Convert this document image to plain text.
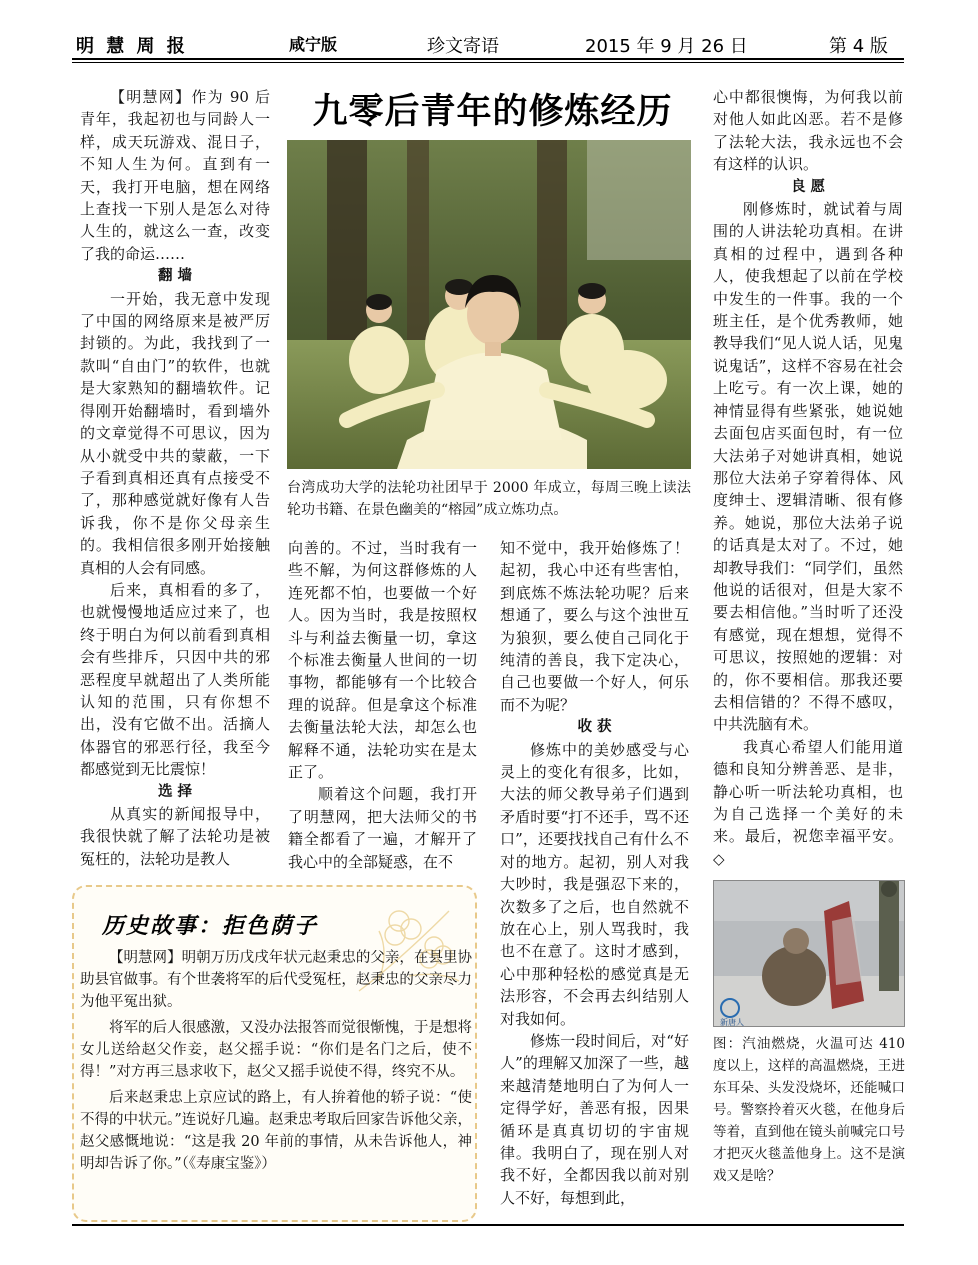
明 慧 周 报	咸宁版	珍文寄语	2015 年 9 月 26 日	第 4 版
九零后青年的修炼经历
台湾成功大学的法轮功社团早于 2000 年成立，每周三晚上读法轮功书籍、在景色幽美的“榕园”成立炼功点。

【明慧网】作为 90 后青年，我起初也与同龄人一样，成天玩游戏、混日子，不知人生为何。直到有一天，我打开电脑，想在网络上查找一下别人是怎么对待人生的，就这么一查，改变了我的命运……

翻 墙

一开始，我无意中发现了中国的网络原来是被严厉封锁的。为此，我找到了一款叫“自由门”的软件，也就是大家熟知的翻墙软件。记得刚开始翻墙时，看到墙外的文章觉得不可思议，因为从小就受中共的蒙蔽，一下子看到真相还真有点接受不了，那种感觉就好像有人告诉我，你不是你父母亲生的。我相信很多刚开始接触真相的人会有同感。

后来，真相看的多了，也就慢慢地适应过来了，也终于明白为何以前看到真相会有些排斥，只因中共的邪恶程度早就超出了人类所能认知的范围，只有你想不出，没有它做不出。活摘人体器官的邪恶行径，我至今都感觉到无比震惊！

选 择

从真实的新闻报导中，我很快就了解了法轮功是被冤枉的，法轮功是教人

向善的。不过，当时我有一些不解，为何这群修炼的人连死都不怕，也要做一个好人。因为当时，我是按照权斗与利益去衡量一切，拿这个标准去衡量人世间的一切事物，都能够有一个比较合理的说辞。但是拿这个标准去衡量法轮大法，却怎么也解释不通，法轮功实在是太正了。

顺着这个问题，我打开了明慧网，把大法师父的书籍全都看了一遍，才解开了我心中的全部疑惑，在不

知不觉中，我开始修炼了！起初，我心中还有些害怕，到底炼不炼法轮功呢？后来想通了，要么与这个浊世互为狼狈，要么使自己同化于纯清的善良，我下定决心，自己也要做一个好人，何乐而不为呢？

收 获

修炼中的美妙感受与心灵上的变化有很多，比如，大法的师父教导弟子们遇到矛盾时要“打不还手，骂不还口”，还要找找自己有什么不对的地方。起初，别人对我大吵时，我是强忍下来的，次数多了之后，也自然就不放在心上，别人骂我时，我也不在意了。这时才感到，心中那种轻松的感觉真是无法形容，不会再去纠结别人对我如何。

修炼一段时间后，对“好人”的理解又加深了一些，越来越清楚地明白了为何人一定得学好，善恶有报，因果循环是真真切切的宇宙规律。我明白了，现在别人对我不好，全都因我以前对别人不好，每想到此，

心中都很懊悔，为何我以前对他人如此凶恶。若不是修了法轮大法，我永远也不会有这样的认识。

良 愿

刚修炼时，就试着与周围的人讲法轮功真相。在讲真相的过程中，遇到各种人，使我想起了以前在学校中发生的一件事。我的一个班主任，是个优秀教师，她教导我们“见人说人话，见鬼说鬼话”，这样不容易在社会上吃亏。有一次上课，她的神情显得有些紧张，她说她去面包店买面包时，有一位大法弟子对她讲真相，她说那位大法弟子穿着得体、风度绅士、逻辑清晰、很有修养。她说，那位大法弟子说的话真是太对了。不过，她却教导我们：“同学们，虽然他说的话很对，但是大家不要去相信他。”当时听了还没有感觉，现在想想，觉得不可思议，按照她的逻辑：对的，你不要相信。那我还要去相信错的？不得不感叹，中共洗脑有术。

我真心希望人们能用道德和良知分辨善恶、是非，静心听一听法轮功真相，也为自己选择一个美好的未来。最后，祝您幸福平安。◇

历史故事：拒色荫子

【明慧网】明朝万历戊戌年状元赵秉忠的父亲，在县里协助县官做事。有个世袭将军的后代受冤枉，赵秉忠的父亲尽力为他平冤出狱。

将军的后人很感激，又没办法报答而觉很惭愧，于是想将女儿送给赵父作妾，赵父摇手说：“你们是名门之后，使不得！”对方再三恳求收下，赵父又摇手说使不得，终究不从。

后来赵秉忠上京应试的路上，有人拚着他的轿子说：“使不得的中状元。”连说好几遍。赵秉忠考取后回家告诉他父亲，赵父感慨地说：“这是我 20 年前的事情，从未告诉他人，神明却告诉了你。”（《寿康宝鉴》）

新唐人
图：汽油燃烧，火温可达 410 度以上，这样的高温燃烧，王进东耳朵、头发没烧坏，还能喊口号。警察拎着灭火毯，在他身后等着，直到他在镜头前喊完口号才把灭火毯盖他身上。这不是演戏又是啥？
